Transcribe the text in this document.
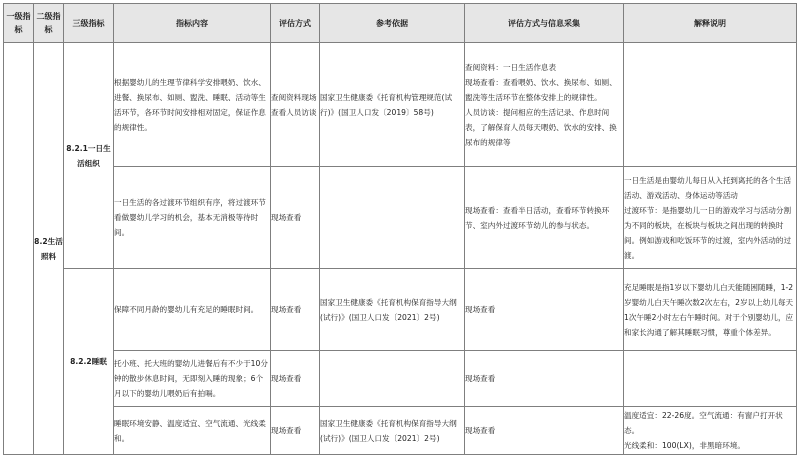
一级指标	二级指标	三级指标	指标内容	评估方式	参考依据	评估方式与信息采集	解释说明
	8.2生活照料	8.2.1一日生活组织	根据婴幼儿的生理节律科学安排喂奶、饮水、进餐、换尿布、如厕、盥洗、睡眠、活动等生活环节，各环节时间安排相对固定，保证作息的规律性。	查阅资料现场查看人员访谈	国家卫生健康委《托育机构管理规范(试行)》(国卫人口发〔2019〕58号)	查阅资料：一日生活作息表
现场查看：查看喂奶、饮水、换尿布、如厕、盥洗等生活环节在整体安排上的规律性。
人员访谈：提问相应的生活记录、作息时间表，了解保育人员每天喂奶、饮水的安排、换尿布的规律等	
			一日生活的各过渡环节组织有序，将过渡环节看做婴幼儿学习的机会，基本无消极等待时间。	现场查看		现场查看：查看半日活动，查看环节转换环节、室内外过渡环节幼儿的参与状态。	一日生活是由婴幼儿每日从入托到离托的各个生活活动、游戏活动、身体运动等活动
过渡环节：是指婴幼儿一日的游戏学习与活动分割为不同的板块，在板块与板块之间出现的转换时间。例如游戏和吃饭环节的过渡，室内外活动的过渡。
		8.2.2睡眠	保障不同月龄的婴幼儿有充足的睡眠时间。	现场查看	国家卫生健康委《托育机构保育指导大纲(试行)》(国卫人口发〔2021〕2号)	现场查看	充足睡眠是指1岁以下婴幼儿白天能随困随睡，1-2岁婴幼儿白天午睡次数2次左右，2岁以上幼儿每天1次午睡2小时左右午睡时间。对于个别婴幼儿，应和家长沟通了解其睡眠习惯，尊重个体差异。
			托小班、托大班的婴幼儿进餐后有不少于10分钟的散步休息时间，无即刻入睡的现象；6个月以下的婴幼儿喂奶后有拍嗝。	现场查看		现场查看	
			睡眠环境安静、温度适宜、空气流通、光线柔和。	现场查看	国家卫生健康委《托育机构保育指导大纲(试行)》(国卫人口发〔2021〕2号)	现场查看	温度适宜：22-26度。空气流通：有窗户打开状态。
光线柔和：100(LX)，非黑暗环境。
